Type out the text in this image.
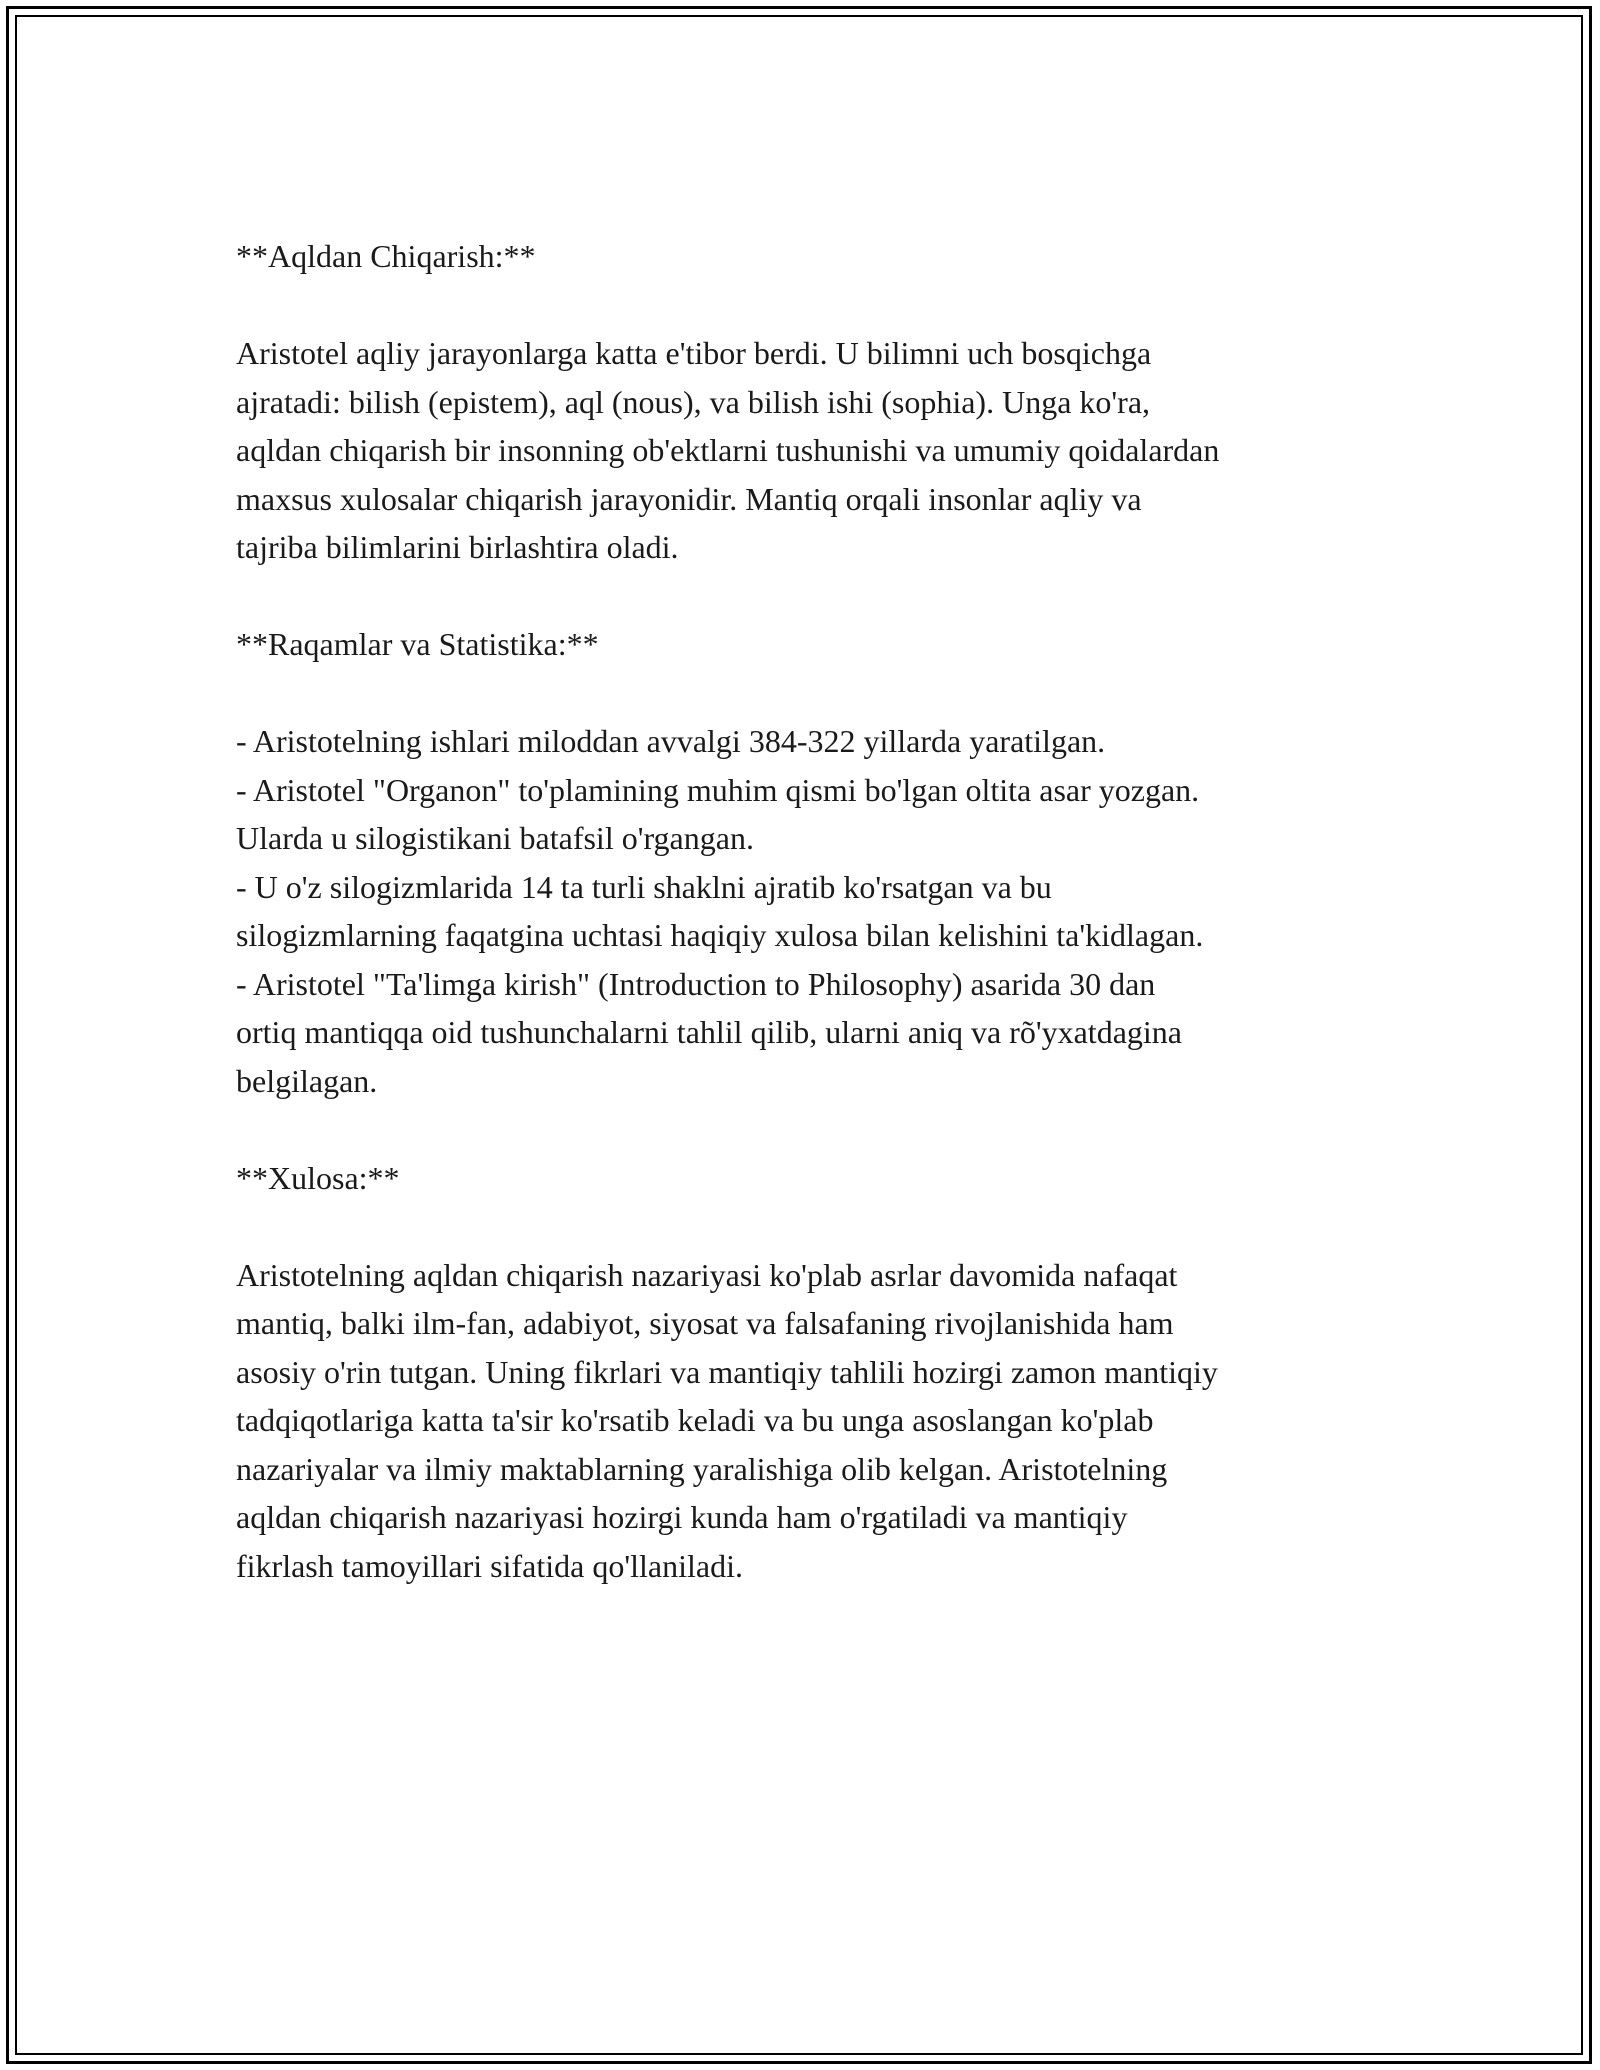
**Aqldan Chiqarish:**

Aristotel aqliy jarayonlarga katta e'tibor berdi. U bilimni uch bosqichga

ajratadi: bilish (epistem), aql (nous), va bilish ishi (sophia). Unga ko'ra,

aqldan chiqarish bir insonning ob'ektlarni tushunishi va umumiy qoidalardan

maxsus xulosalar chiqarish jarayonidir. Mantiq orqali insonlar aqliy va

tajriba bilimlarini birlashtira oladi.

**Raqamlar va Statistika:**

- Aristotelning ishlari miloddan avvalgi 384-322 yillarda yaratilgan.

- Aristotel "Organon" to'plamining muhim qismi bo'lgan oltita asar yozgan.

Ularda u silogistikani batafsil o'rgangan.

- U o'z silogizmlarida 14 ta turli shaklni ajratib ko'rsatgan va bu

silogizmlarning faqatgina uchtasi haqiqiy xulosa bilan kelishini ta'kidlagan.

- Aristotel "Ta'limga kirish" (Introduction to Philosophy) asarida 30 dan

ortiq mantiqqa oid tushunchalarni tahlil qilib, ularni aniq va rõ'yxatdagina

belgilagan.

**Xulosa:**

Aristotelning aqldan chiqarish nazariyasi ko'plab asrlar davomida nafaqat

mantiq, balki ilm-fan, adabiyot, siyosat va falsafaning rivojlanishida ham

asosiy o'rin tutgan. Uning fikrlari va mantiqiy tahlili hozirgi zamon mantiqiy

tadqiqotlariga katta ta'sir ko'rsatib keladi va bu unga asoslangan ko'plab

nazariyalar va ilmiy maktablarning yaralishiga olib kelgan. Aristotelning

aqldan chiqarish nazariyasi hozirgi kunda ham o'rgatiladi va mantiqiy

fikrlash tamoyillari sifatida qo'llaniladi.
